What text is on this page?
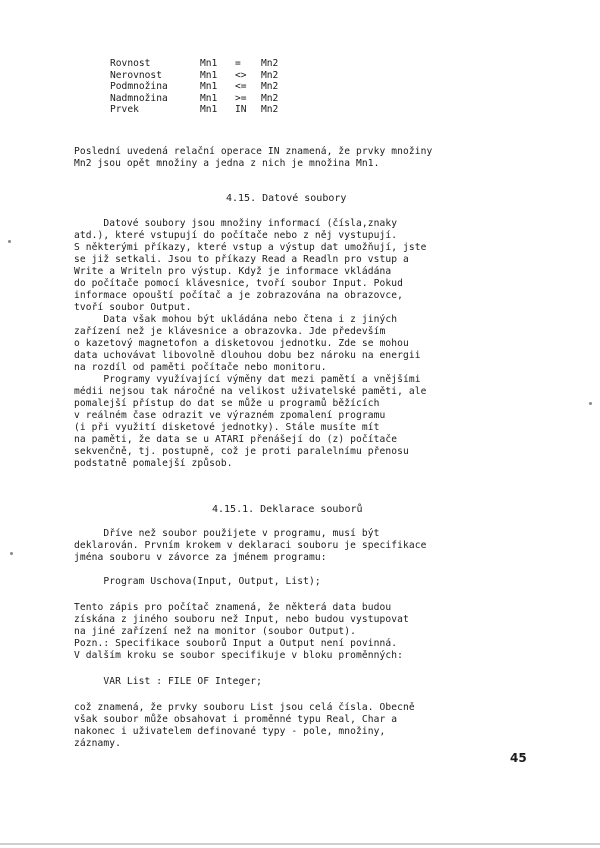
Rovnost	Mn1 = Mn2
Nerovnost	Mn1 <> Mn2
Podmnožina	Mn1 <= Mn2
Nadmnožina	Mn1 >= Mn2
Prvek	Mn1 IN Mn2
Poslední uvedená relační operace IN znamená, že prvky množiny
Mn2 jsou opět množiny a jedna z nich je množina Mn1.
4.15. Datové soubory
Datové soubory jsou množiny informací (čísla,znaky
atd.), které vstupují do počítače nebo z něj vystupují.
S některými příkazy, které vstup a výstup dat umožňují, jste
se již setkali. Jsou to příkazy Read a Readln pro vstup a
Write a Writeln pro výstup. Když je informace vkládána
do počítače pomocí klávesnice, tvoří soubor Input. Pokud
informace opouští počítač a je zobrazována na obrazovce,
tvoří soubor Output.
Data však mohou být ukládána nebo čtena i z jiných
zařízení než je klávesnice a obrazovka. Jde především
o kazetový magnetofon a disketovou jednotku. Zde se mohou
data uchovávat libovolně dlouhou dobu bez nároku na energii
na rozdíl od paměti počítače nebo monitoru.
Programy využívající výměny dat mezi pamětí a vnějšími
médii nejsou tak náročné na velikost uživatelské paměti, ale
pomalejší přístup do dat se může u programů běžících
v reálném čase odrazit ve výrazném zpomalení programu
(i při využití disketové jednotky). Stále musíte mít
na paměti, že data se u ATARI přenášejí do (z) počítače
sekvenčně, tj. postupně, což je proti paralelnímu přenosu
podstatně pomalejší způsob.
4.15.1. Deklarace souborů
Dříve než soubor použijete v programu, musí být
deklarován. Prvním krokem v deklaraci souboru je specifikace
jména souboru v závorce za jménem programu:
Program Uschova(Input, Output, List);
Tento zápis pro počítač znamená, že některá data budou
získána z jiného souboru než Input, nebo budou vystupovat
na jiné zařízení než na monitor (soubor Output).
Pozn.: Specifikace souborů Input a Output není povinná.
V dalším kroku se soubor specifikuje v bloku proměnných:
VAR List : FILE OF Integer;
což znamená, že prvky souboru List jsou celá čísla. Obecně
však soubor může obsahovat i proměnné typu Real, Char a
nakonec i uživatelem definované typy - pole, množiny,
záznamy.
45
